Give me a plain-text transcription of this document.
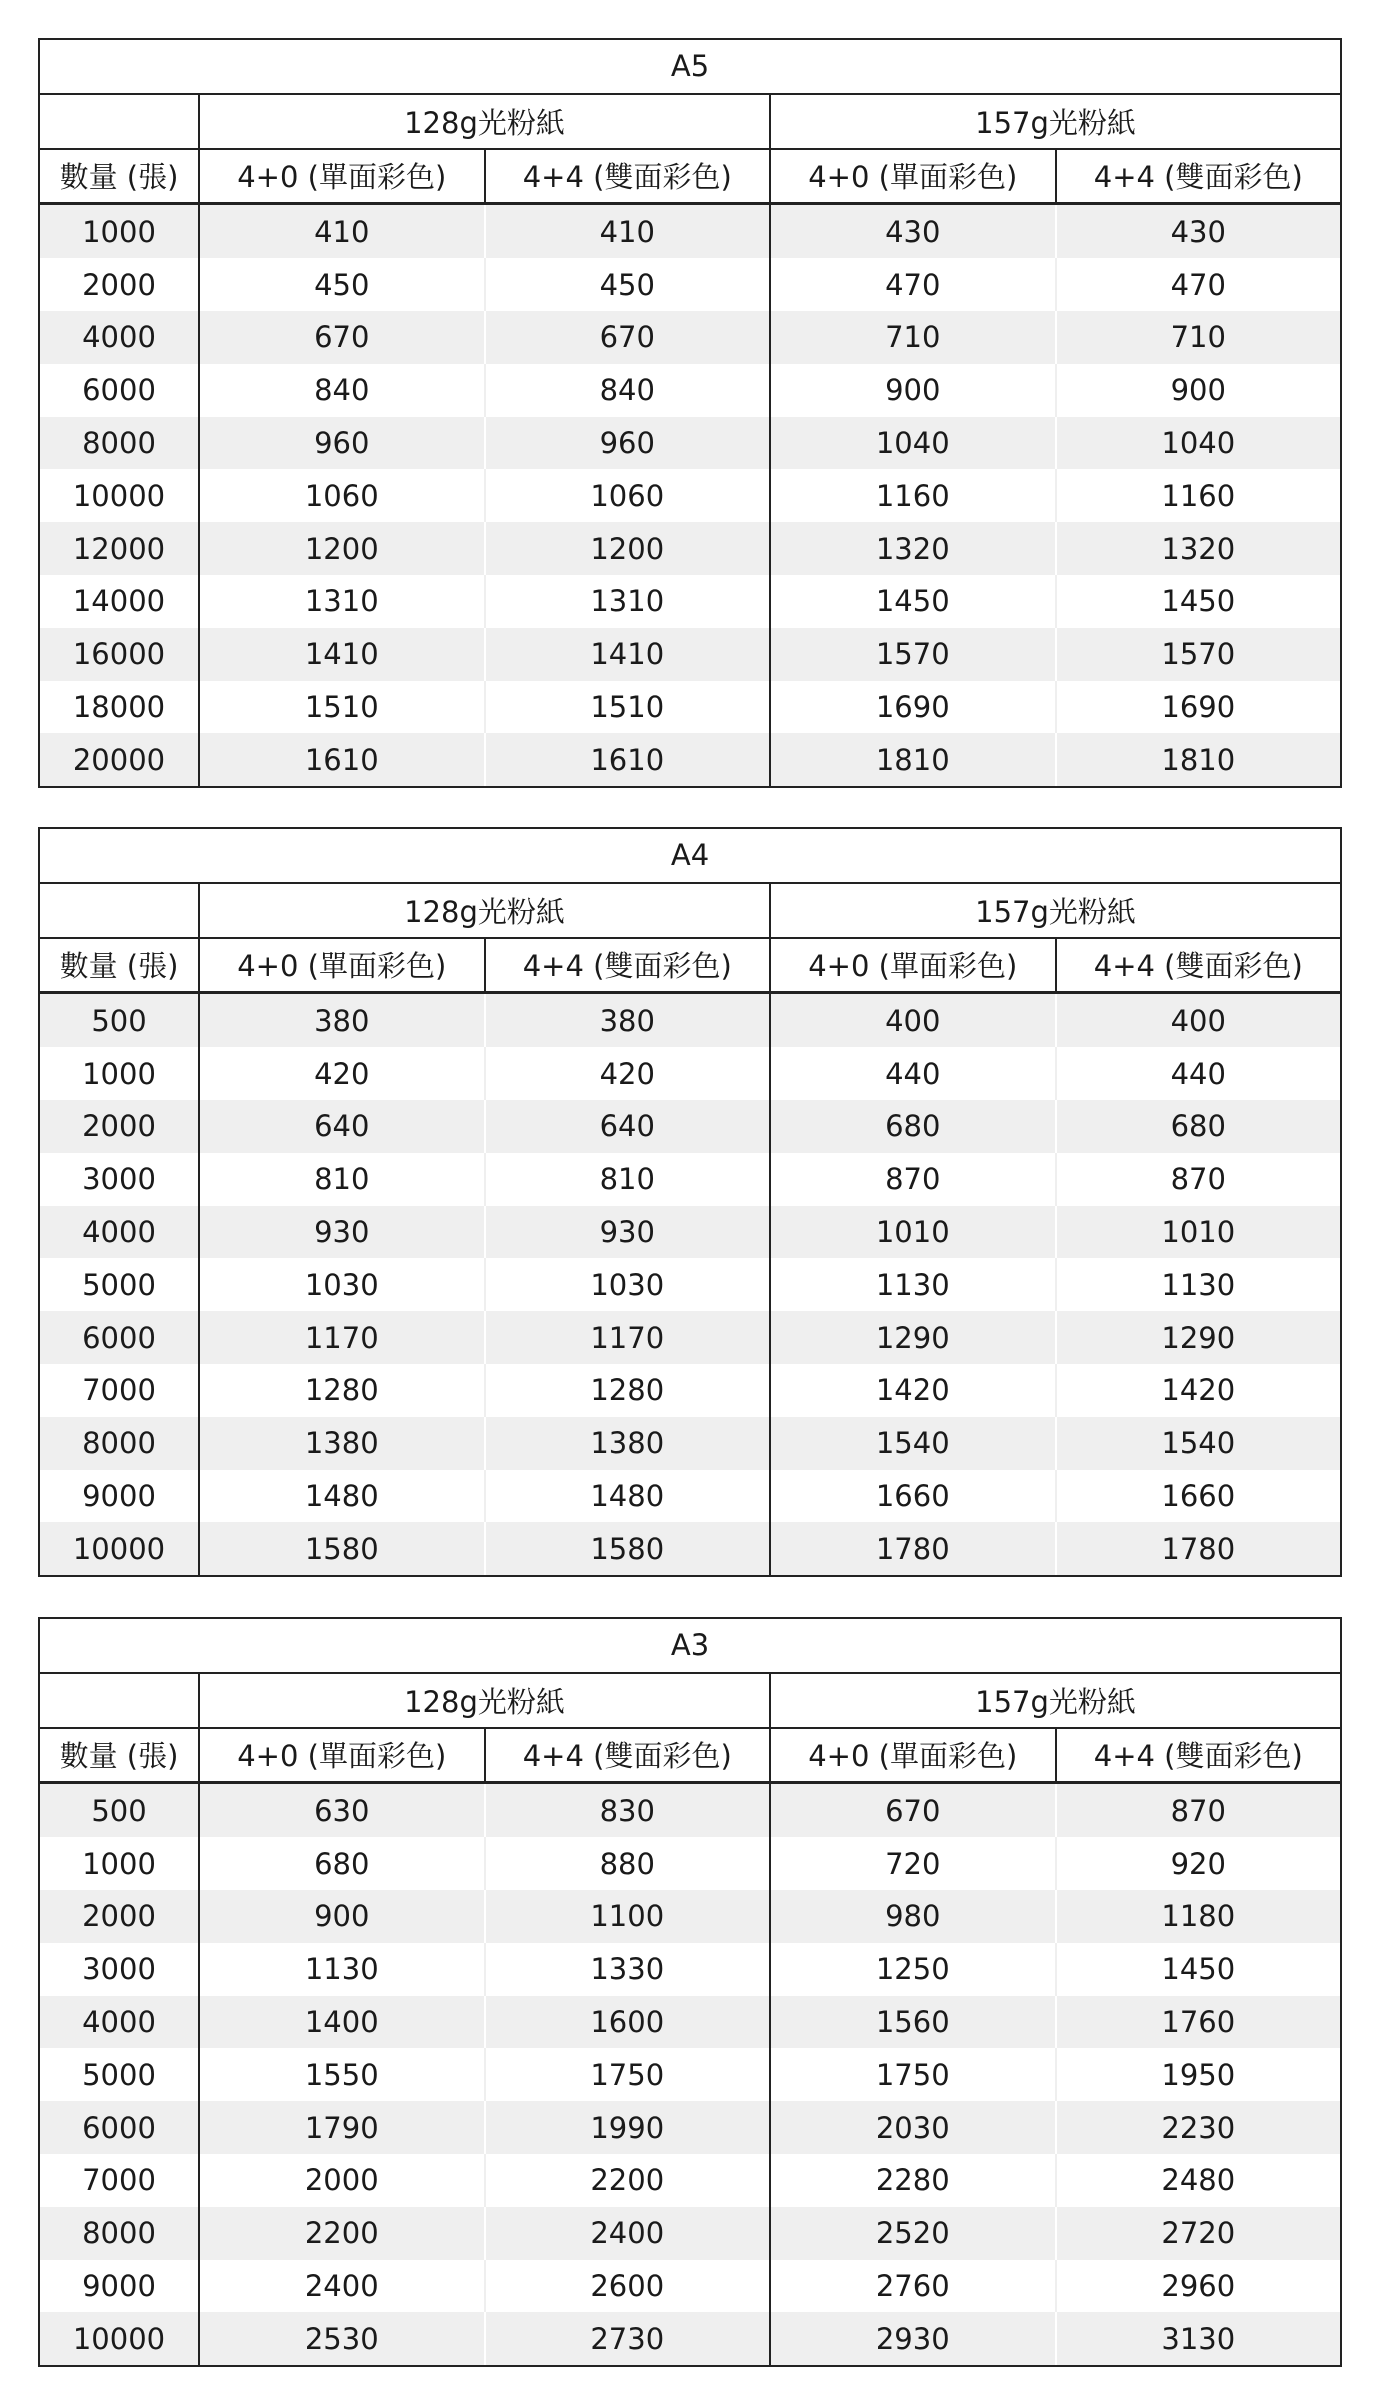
A5				
	128g光粉紙		157g光粉紙	
數量 (張)	4+0 (單面彩色)	4+4 (雙面彩色)	4+0 (單面彩色)	4+4 (雙面彩色)
1000	410	410	430	430
2000	450	450	470	470
4000	670	670	710	710
6000	840	840	900	900
8000	960	960	1040	1040
10000	1060	1060	1160	1160
12000	1200	1200	1320	1320
14000	1310	1310	1450	1450
16000	1410	1410	1570	1570
18000	1510	1510	1690	1690
20000	1610	1610	1810	1810
A4				
	128g光粉紙		157g光粉紙	
數量 (張)	4+0 (單面彩色)	4+4 (雙面彩色)	4+0 (單面彩色)	4+4 (雙面彩色)
500	380	380	400	400
1000	420	420	440	440
2000	640	640	680	680
3000	810	810	870	870
4000	930	930	1010	1010
5000	1030	1030	1130	1130
6000	1170	1170	1290	1290
7000	1280	1280	1420	1420
8000	1380	1380	1540	1540
9000	1480	1480	1660	1660
10000	1580	1580	1780	1780
A3				
	128g光粉紙		157g光粉紙	
數量 (張)	4+0 (單面彩色)	4+4 (雙面彩色)	4+0 (單面彩色)	4+4 (雙面彩色)
500	630	830	670	870
1000	680	880	720	920
2000	900	1100	980	1180
3000	1130	1330	1250	1450
4000	1400	1600	1560	1760
5000	1550	1750	1750	1950
6000	1790	1990	2030	2230
7000	2000	2200	2280	2480
8000	2200	2400	2520	2720
9000	2400	2600	2760	2960
10000	2530	2730	2930	3130
